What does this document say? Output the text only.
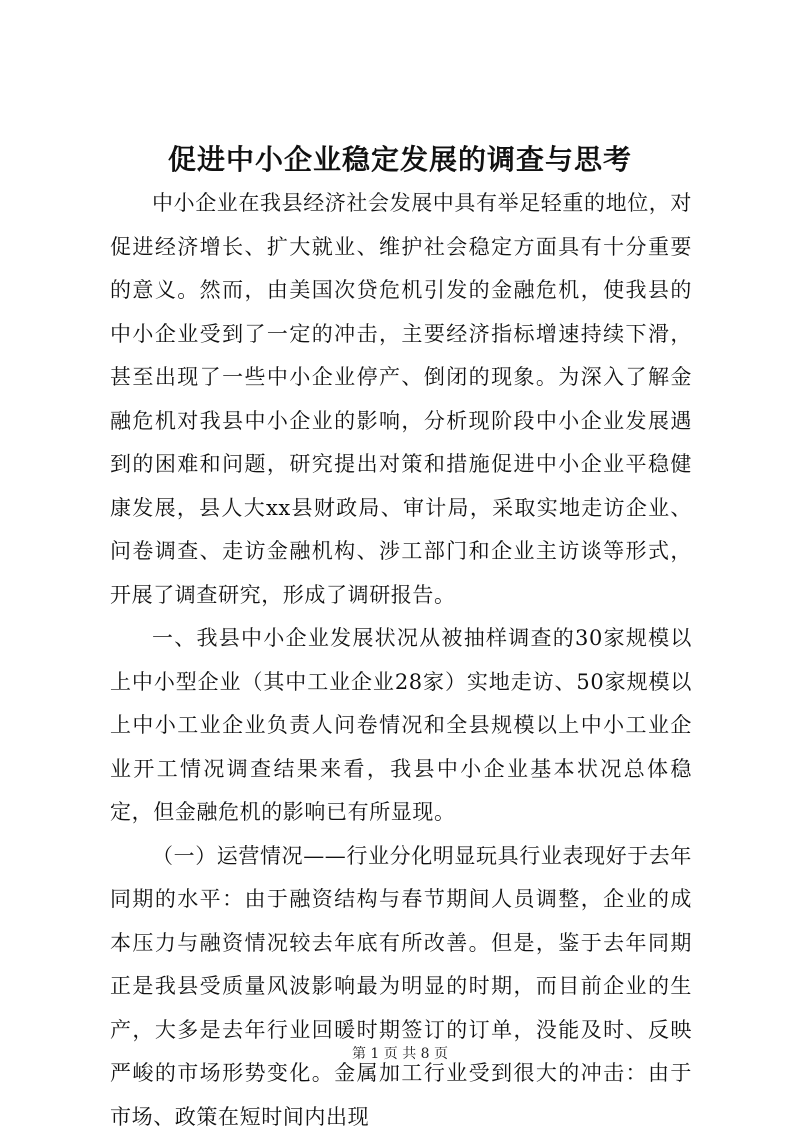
促进中小企业稳定发展的调查与思考

中小企业在我县经济社会发展中具有举足轻重的地位，对促进经济增长、扩大就业、维护社会稳定方面具有十分重要的意义。然而，由美国次贷危机引发的金融危机，使我县的中小企业受到了一定的冲击，主要经济指标增速持续下滑，甚至出现了一些中小企业停产、倒闭的现象。为深入了解金融危机对我县中小企业的影响，分析现阶段中小企业发展遇到的困难和问题，研究提出对策和措施促进中小企业平稳健康发展，县人大xx县财政局、审计局，采取实地走访企业、问卷调查、走访金融机构、涉工部门和企业主访谈等形式，开展了调查研究，形成了调研报告。

一、我县中小企业发展状况从被抽样调查的30家规模以上中小型企业（其中工业企业28家）实地走访、50家规模以上中小工业企业负责人问卷情况和全县规模以上中小工业企业开工情况调查结果来看，我县中小企业基本状况总体稳定，但金融危机的影响已有所显现。

（一）运营情况——行业分化明显玩具行业表现好于去年同期的水平：由于融资结构与春节期间人员调整，企业的成本压力与融资情况较去年底有所改善。但是，鉴于去年同期正是我县受质量风波影响最为明显的时期，而目前企业的生产，大多是去年行业回暖时期签订的订单，没能及时、反映严峻的市场形势变化。金属加工行业受到很大的冲击：由于市场、政策在短时间内出现

第 1 页 共 8 页
